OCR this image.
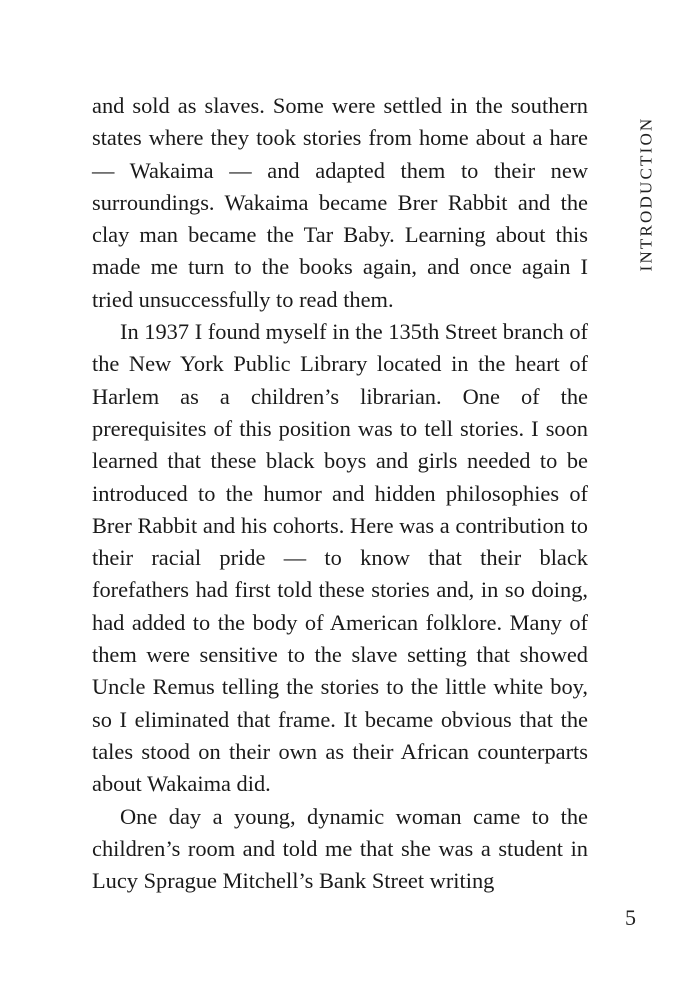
and sold as slaves. Some were settled in the southern states where they took stories from home about a hare — Wakaima — and adapted them to their new surroundings. Wakaima became Brer Rabbit and the clay man became the Tar Baby. Learning about this made me turn to the books again, and once again I tried unsuccessfully to read them.

In 1937 I found myself in the 135th Street branch of the New York Public Library located in the heart of Harlem as a children’s librarian. One of the prerequisites of this position was to tell stories. I soon learned that these black boys and girls needed to be introduced to the humor and hidden philosophies of Brer Rabbit and his cohorts. Here was a contribution to their racial pride — to know that their black forefathers had first told these stories and, in so doing, had added to the body of American folklore. Many of them were sensitive to the slave setting that showed Uncle Remus telling the stories to the little white boy, so I eliminated that frame. It became obvious that the tales stood on their own as their African counterparts about Wakaima did.

One day a young, dynamic woman came to the children’s room and told me that she was a student in Lucy Sprague Mitchell’s Bank Street writing

INTRODUCTION
5
